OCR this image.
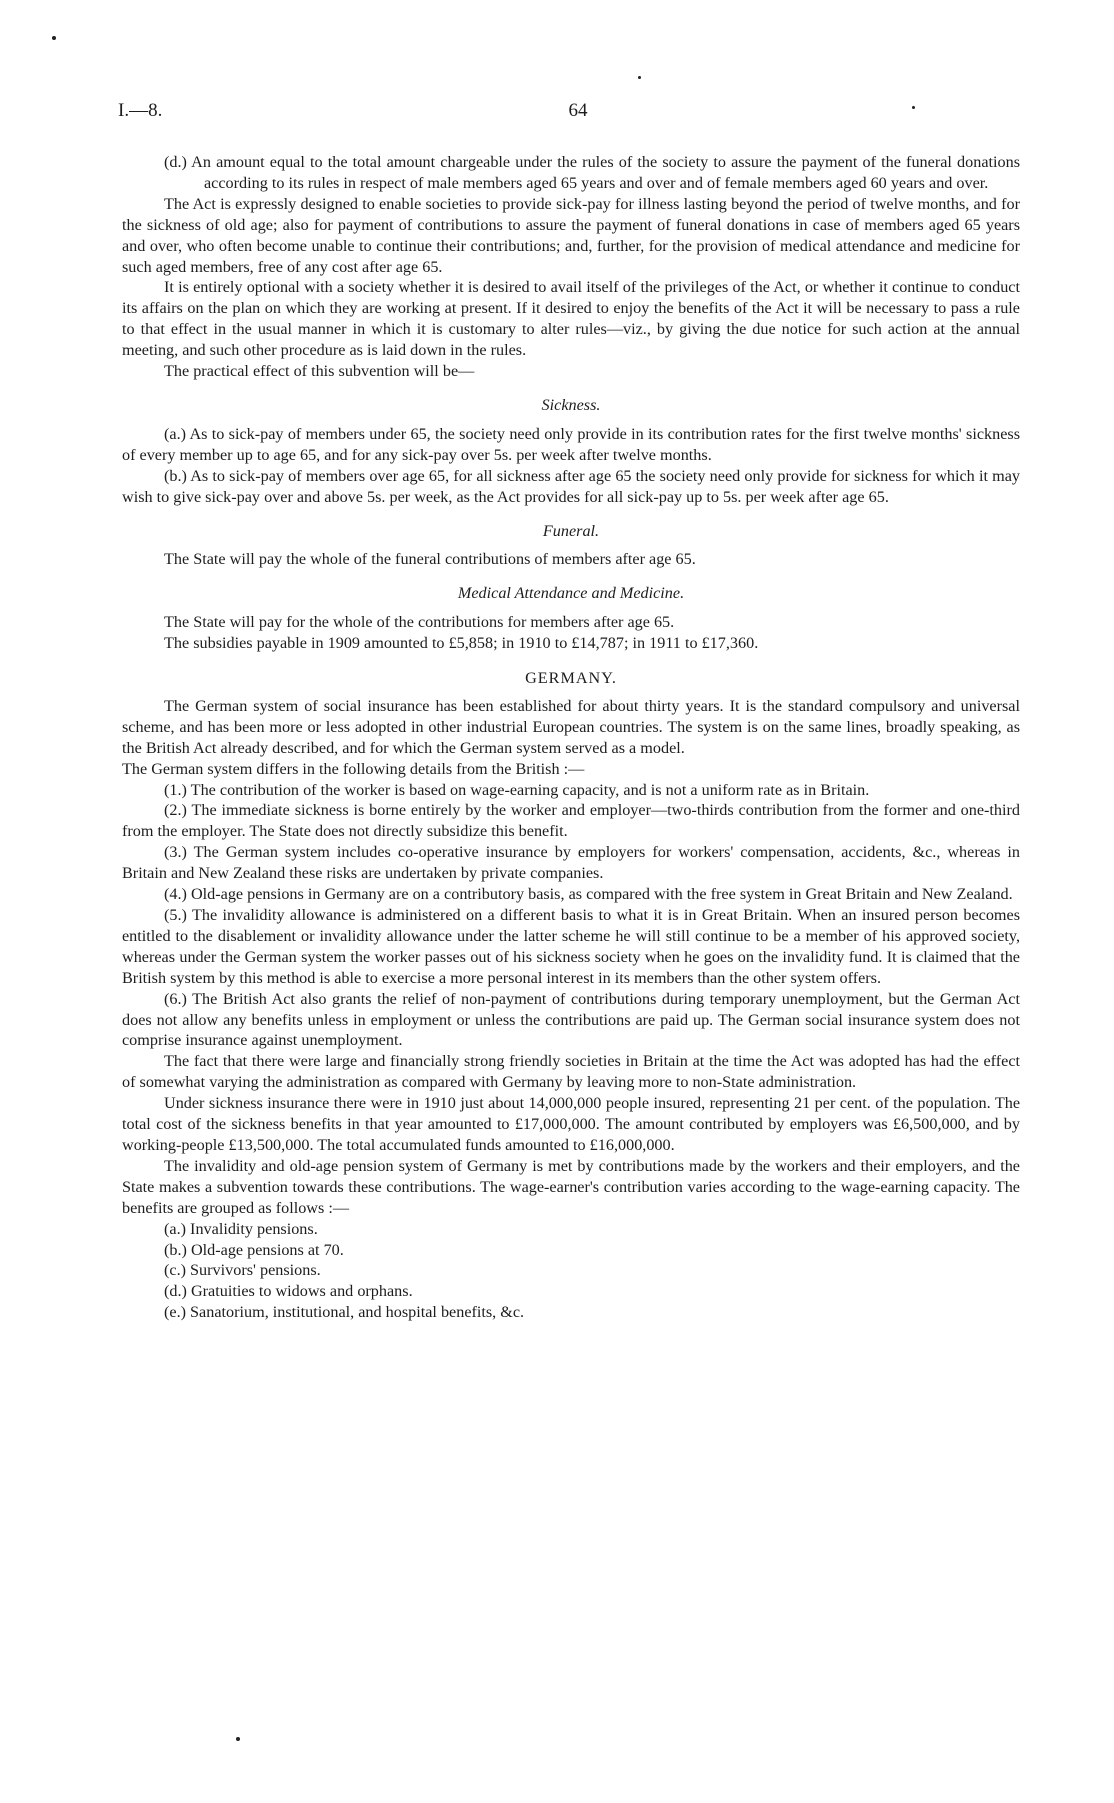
I.—8.	64

(d.) An amount equal to the total amount chargeable under the rules of the society to assure the payment of the funeral donations according to its rules in respect of male members aged 65 years and over and of female members aged 60 years and over.

The Act is expressly designed to enable societies to provide sick-pay for illness lasting beyond the period of twelve months, and for the sickness of old age; also for payment of contributions to assure the payment of funeral donations in case of members aged 65 years and over, who often become unable to continue their contributions; and, further, for the provision of medical attendance and medicine for such aged members, free of any cost after age 65.

It is entirely optional with a society whether it is desired to avail itself of the privileges of the Act, or whether it continue to conduct its affairs on the plan on which they are working at present. If it desired to enjoy the benefits of the Act it will be necessary to pass a rule to that effect in the usual manner in which it is customary to alter rules—viz., by giving the due notice for such action at the annual meeting, and such other procedure as is laid down in the rules.

The practical effect of this subvention will be—

Sickness.

(a.) As to sick-pay of members under 65, the society need only provide in its contribution rates for the first twelve months' sickness of every member up to age 65, and for any sick-pay over 5s. per week after twelve months.

(b.) As to sick-pay of members over age 65, for all sickness after age 65 the society need only provide for sickness for which it may wish to give sick-pay over and above 5s. per week, as the Act provides for all sick-pay up to 5s. per week after age 65.

Funeral.

The State will pay the whole of the funeral contributions of members after age 65.

Medical Attendance and Medicine.

The State will pay for the whole of the contributions for members after age 65.

The subsidies payable in 1909 amounted to £5,858; in 1910 to £14,787; in 1911 to £17,360.

GERMANY.

The German system of social insurance has been established for about thirty years. It is the standard compulsory and universal scheme, and has been more or less adopted in other industrial European countries. The system is on the same lines, broadly speaking, as the British Act already described, and for which the German system served as a model.

The German system differs in the following details from the British :—

(1.) The contribution of the worker is based on wage-earning capacity, and is not a uniform rate as in Britain.

(2.) The immediate sickness is borne entirely by the worker and employer—two-thirds contribution from the former and one-third from the employer. The State does not directly subsidize this benefit.

(3.) The German system includes co-operative insurance by employers for workers' compensation, accidents, &c., whereas in Britain and New Zealand these risks are undertaken by private companies.

(4.) Old-age pensions in Germany are on a contributory basis, as compared with the free system in Great Britain and New Zealand.

(5.) The invalidity allowance is administered on a different basis to what it is in Great Britain. When an insured person becomes entitled to the disablement or invalidity allowance under the latter scheme he will still continue to be a member of his approved society, whereas under the German system the worker passes out of his sickness society when he goes on the invalidity fund. It is claimed that the British system by this method is able to exercise a more personal interest in its members than the other system offers.

(6.) The British Act also grants the relief of non-payment of contributions during temporary unemployment, but the German Act does not allow any benefits unless in employment or unless the contributions are paid up. The German social insurance system does not comprise insurance against unemployment.

The fact that there were large and financially strong friendly societies in Britain at the time the Act was adopted has had the effect of somewhat varying the administration as compared with Germany by leaving more to non-State administration.

Under sickness insurance there were in 1910 just about 14,000,000 people insured, representing 21 per cent. of the population. The total cost of the sickness benefits in that year amounted to £17,000,000. The amount contributed by employers was £6,500,000, and by working-people £13,500,000. The total accumulated funds amounted to £16,000,000.

The invalidity and old-age pension system of Germany is met by contributions made by the workers and their employers, and the State makes a subvention towards these contributions. The wage-earner's contribution varies according to the wage-earning capacity. The benefits are grouped as follows :—

(a.) Invalidity pensions.

(b.) Old-age pensions at 70.

(c.) Survivors' pensions.

(d.) Gratuities to widows and orphans.

(e.) Sanatorium, institutional, and hospital benefits, &c.
